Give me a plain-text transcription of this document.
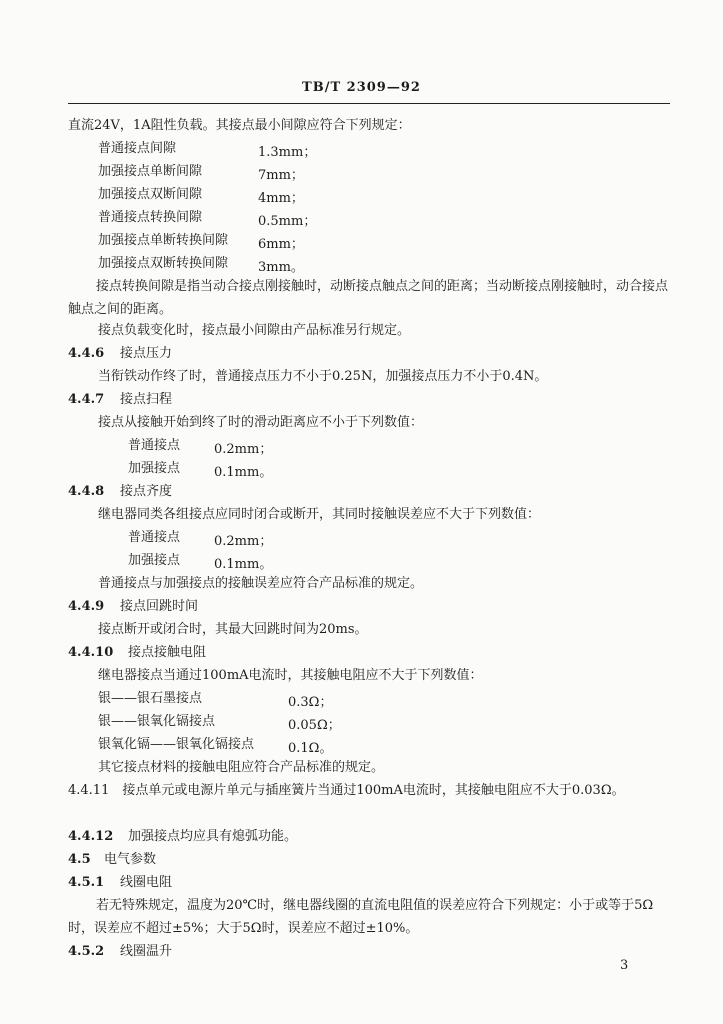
TB/T 2309—92
直流24V，1A阻性负载。其接点最小间隙应符合下列规定：
普通接点间隙	1.3mm；
加强接点单断间隙	7mm；
加强接点双断间隙	4mm；
普通接点转换间隙	0.5mm；
加强接点单断转换间隙 6mm；
加强接点双断转换间隙 3mm。
接点转换间隙是指当动合接点刚接触时，动断接点触点之间的距离；当动断接点刚接触时，动合接点触点之间的距离。
接点负载变化时，接点最小间隙由产品标准另行规定。
4.4.6 接点压力
当衔铁动作终了时，普通接点压力不小于0.25N，加强接点压力不小于0.4N。
4.4.7 接点扫程
接点从接触开始到终了时的滑动距离应不小于下列数值：
普通接点	0.2mm；
加强接点	0.1mm。
4.4.8 接点齐度
继电器同类各组接点应同时闭合或断开，其同时接触误差应不大于下列数值：
普通接点	0.2mm；
加强接点	0.1mm。
普通接点与加强接点的接触误差应符合产品标准的规定。
4.4.9 接点回跳时间
接点断开或闭合时，其最大回跳时间为20ms。
4.4.10 接点接触电阻
继电器接点当通过100mA电流时，其接触电阻应不大于下列数值：
银——银石墨接点	0.3Ω；
银——银氧化镉接点	0.05Ω；
银氧化镉——银氧化镉接点	0.1Ω。
其它接点材料的接触电阻应符合产品标准的规定。
4.4.11　接点单元或电源片单元与插座簧片当通过100mA电流时，其接触电阻应不大于0.03Ω。
4.4.12 加强接点均应具有熄弧功能。
4.5 电气参数
4.5.1 线圈电阻
若无特殊规定，温度为20℃时，继电器线圈的直流电阻值的误差应符合下列规定：小于或等于5Ω时，误差应不超过±5%；大于5Ω时，误差应不超过±10%。
4.5.2 线圈温升
3
